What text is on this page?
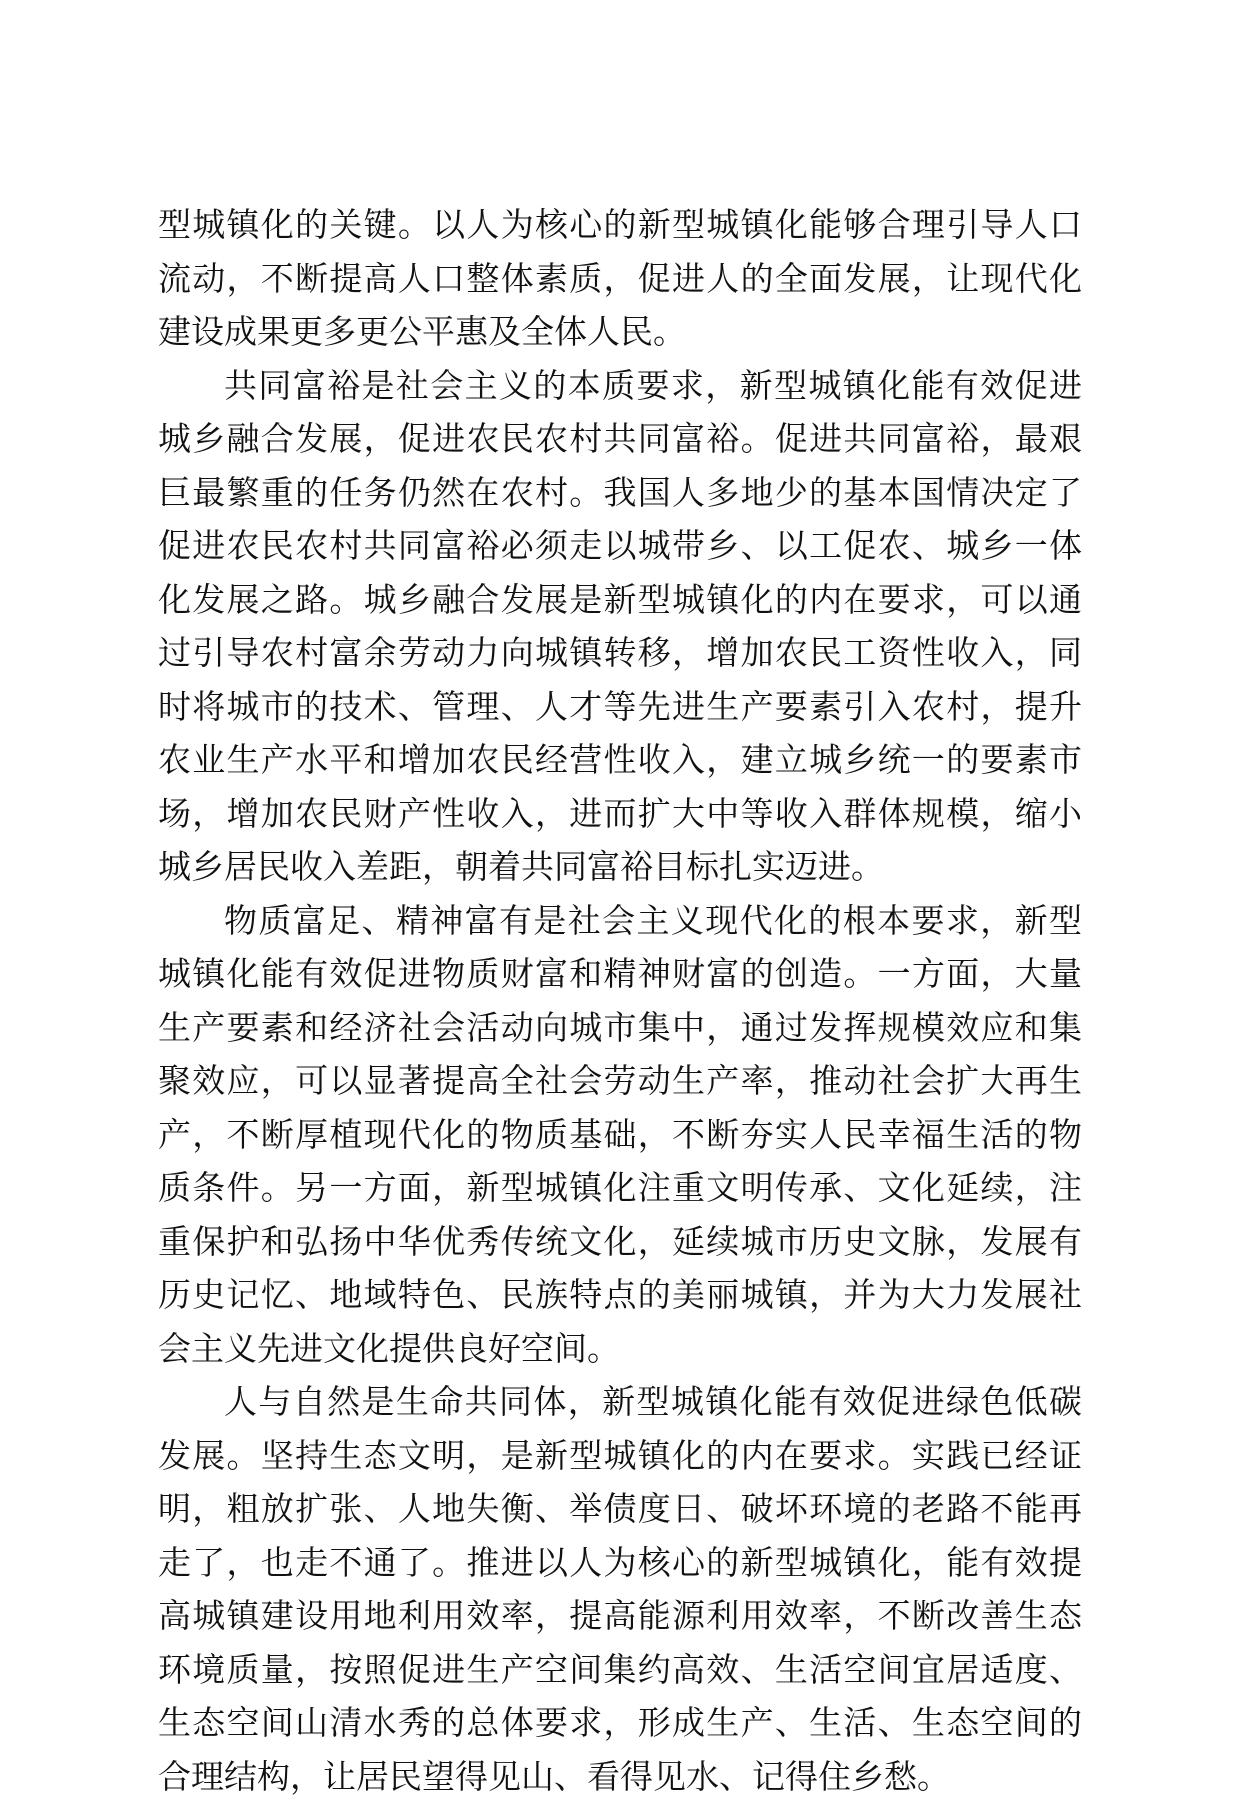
型城镇化的关键。以人为核心的新型城镇化能够合理引导人口
流动，不断提高人口整体素质，促进人的全面发展，让现代化
建设成果更多更公平惠及全体人民。
共同富裕是社会主义的本质要求，新型城镇化能有效促进
城乡融合发展，促进农民农村共同富裕。促进共同富裕，最艰
巨最繁重的任务仍然在农村。我国人多地少的基本国情决定了
促进农民农村共同富裕必须走以城带乡、以工促农、城乡一体
化发展之路。城乡融合发展是新型城镇化的内在要求，可以通
过引导农村富余劳动力向城镇转移，增加农民工资性收入，同
时将城市的技术、管理、人才等先进生产要素引入农村，提升
农业生产水平和增加农民经营性收入，建立城乡统一的要素市
场，增加农民财产性收入，进而扩大中等收入群体规模，缩小
城乡居民收入差距，朝着共同富裕目标扎实迈进。
物质富足、精神富有是社会主义现代化的根本要求，新型
城镇化能有效促进物质财富和精神财富的创造。一方面，大量
生产要素和经济社会活动向城市集中，通过发挥规模效应和集
聚效应，可以显著提高全社会劳动生产率，推动社会扩大再生
产，不断厚植现代化的物质基础，不断夯实人民幸福生活的物
质条件。另一方面，新型城镇化注重文明传承、文化延续，注
重保护和弘扬中华优秀传统文化，延续城市历史文脉，发展有
历史记忆、地域特色、民族特点的美丽城镇，并为大力发展社
会主义先进文化提供良好空间。
人与自然是生命共同体，新型城镇化能有效促进绿色低碳
发展。坚持生态文明，是新型城镇化的内在要求。实践已经证
明，粗放扩张、人地失衡、举债度日、破坏环境的老路不能再
走了，也走不通了。推进以人为核心的新型城镇化，能有效提
高城镇建设用地利用效率，提高能源利用效率，不断改善生态
环境质量，按照促进生产空间集约高效、生活空间宜居适度、
生态空间山清水秀的总体要求，形成生产、生活、生态空间的
合理结构，让居民望得见山、看得见水、记得住乡愁。
